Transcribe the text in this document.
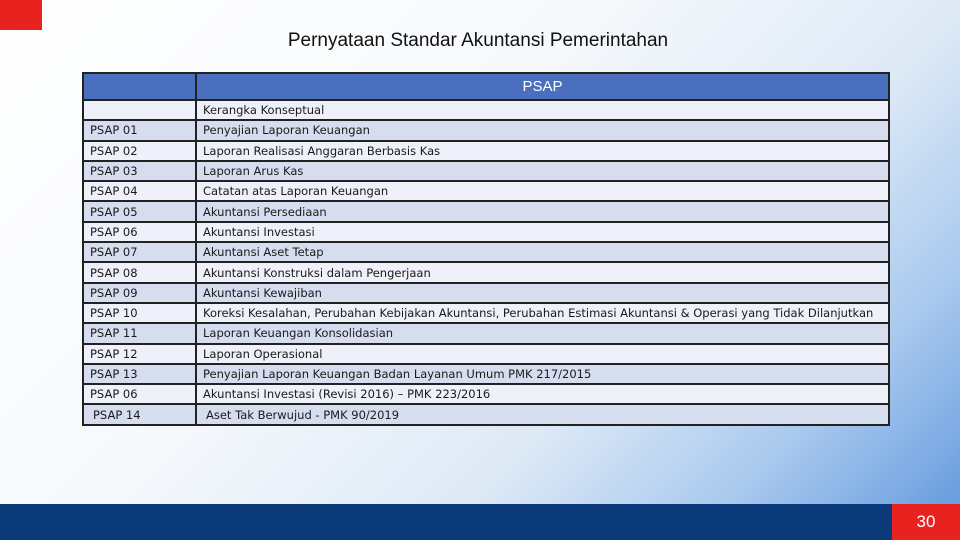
Pernyataan Standar Akuntansi Pemerintahan
	PSAP
	Kerangka Konseptual
PSAP 01	Penyajian Laporan Keuangan
PSAP 02	Laporan Realisasi Anggaran Berbasis Kas
PSAP 03	Laporan Arus Kas
PSAP 04	Catatan atas Laporan Keuangan
PSAP 05	Akuntansi Persediaan
PSAP 06	Akuntansi Investasi
PSAP 07	Akuntansi Aset Tetap
PSAP 08	Akuntansi Konstruksi dalam Pengerjaan
PSAP 09	Akuntansi Kewajiban
PSAP 10	Koreksi Kesalahan, Perubahan Kebijakan Akuntansi, Perubahan Estimasi Akuntansi & Operasi yang Tidak Dilanjutkan
PSAP 11	Laporan Keuangan Konsolidasian
PSAP 12	Laporan Operasional
PSAP 13	Penyajian Laporan Keuangan Badan Layanan Umum PMK 217/2015
PSAP 06	Akuntansi Investasi (Revisi 2016) – PMK 223/2016
PSAP 14	Aset Tak Berwujud - PMK 90/2019
30	30
